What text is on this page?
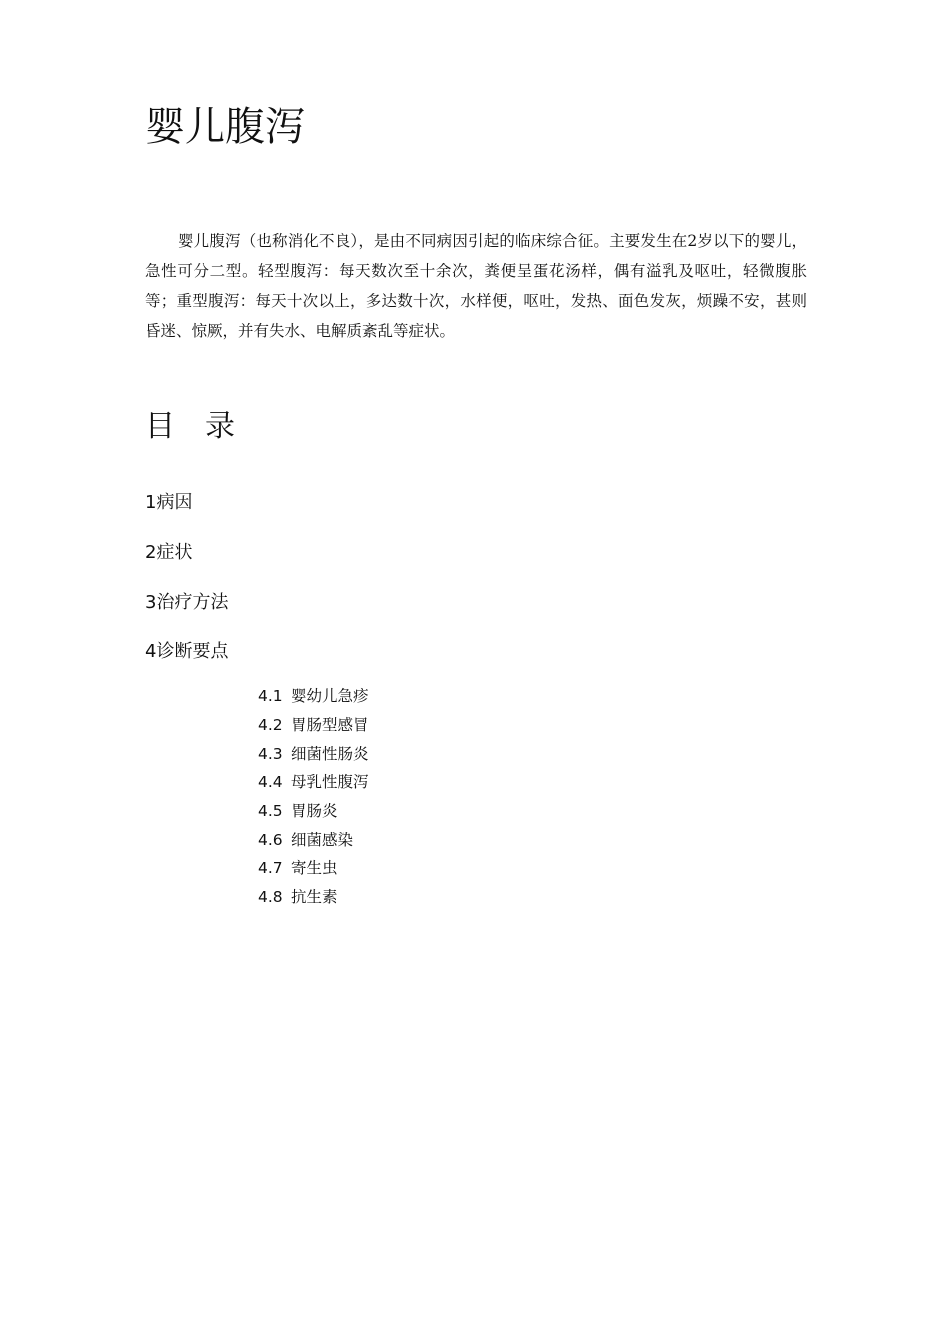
婴儿腹泻

婴儿腹泻（也称消化不良），是由不同病因引起的临床综合征。主要发生在2岁以下的婴儿，急性可分二型。轻型腹泻：每天数次至十余次，粪便呈蛋花汤样，偶有溢乳及呕吐，轻微腹胀等；重型腹泻：每天十次以上，多达数十次，水样便，呕吐，发热、面色发灰，烦躁不安，甚则昏迷、惊厥，并有失水、电解质紊乱等症状。

目录
1病因
2症状
3治疗方法
4诊断要点
4.1 婴幼儿急疹
4.2 胃肠型感冒
4.3 细菌性肠炎
4.4 母乳性腹泻
4.5 胃肠炎
4.6 细菌感染
4.7 寄生虫
4.8 抗生素
